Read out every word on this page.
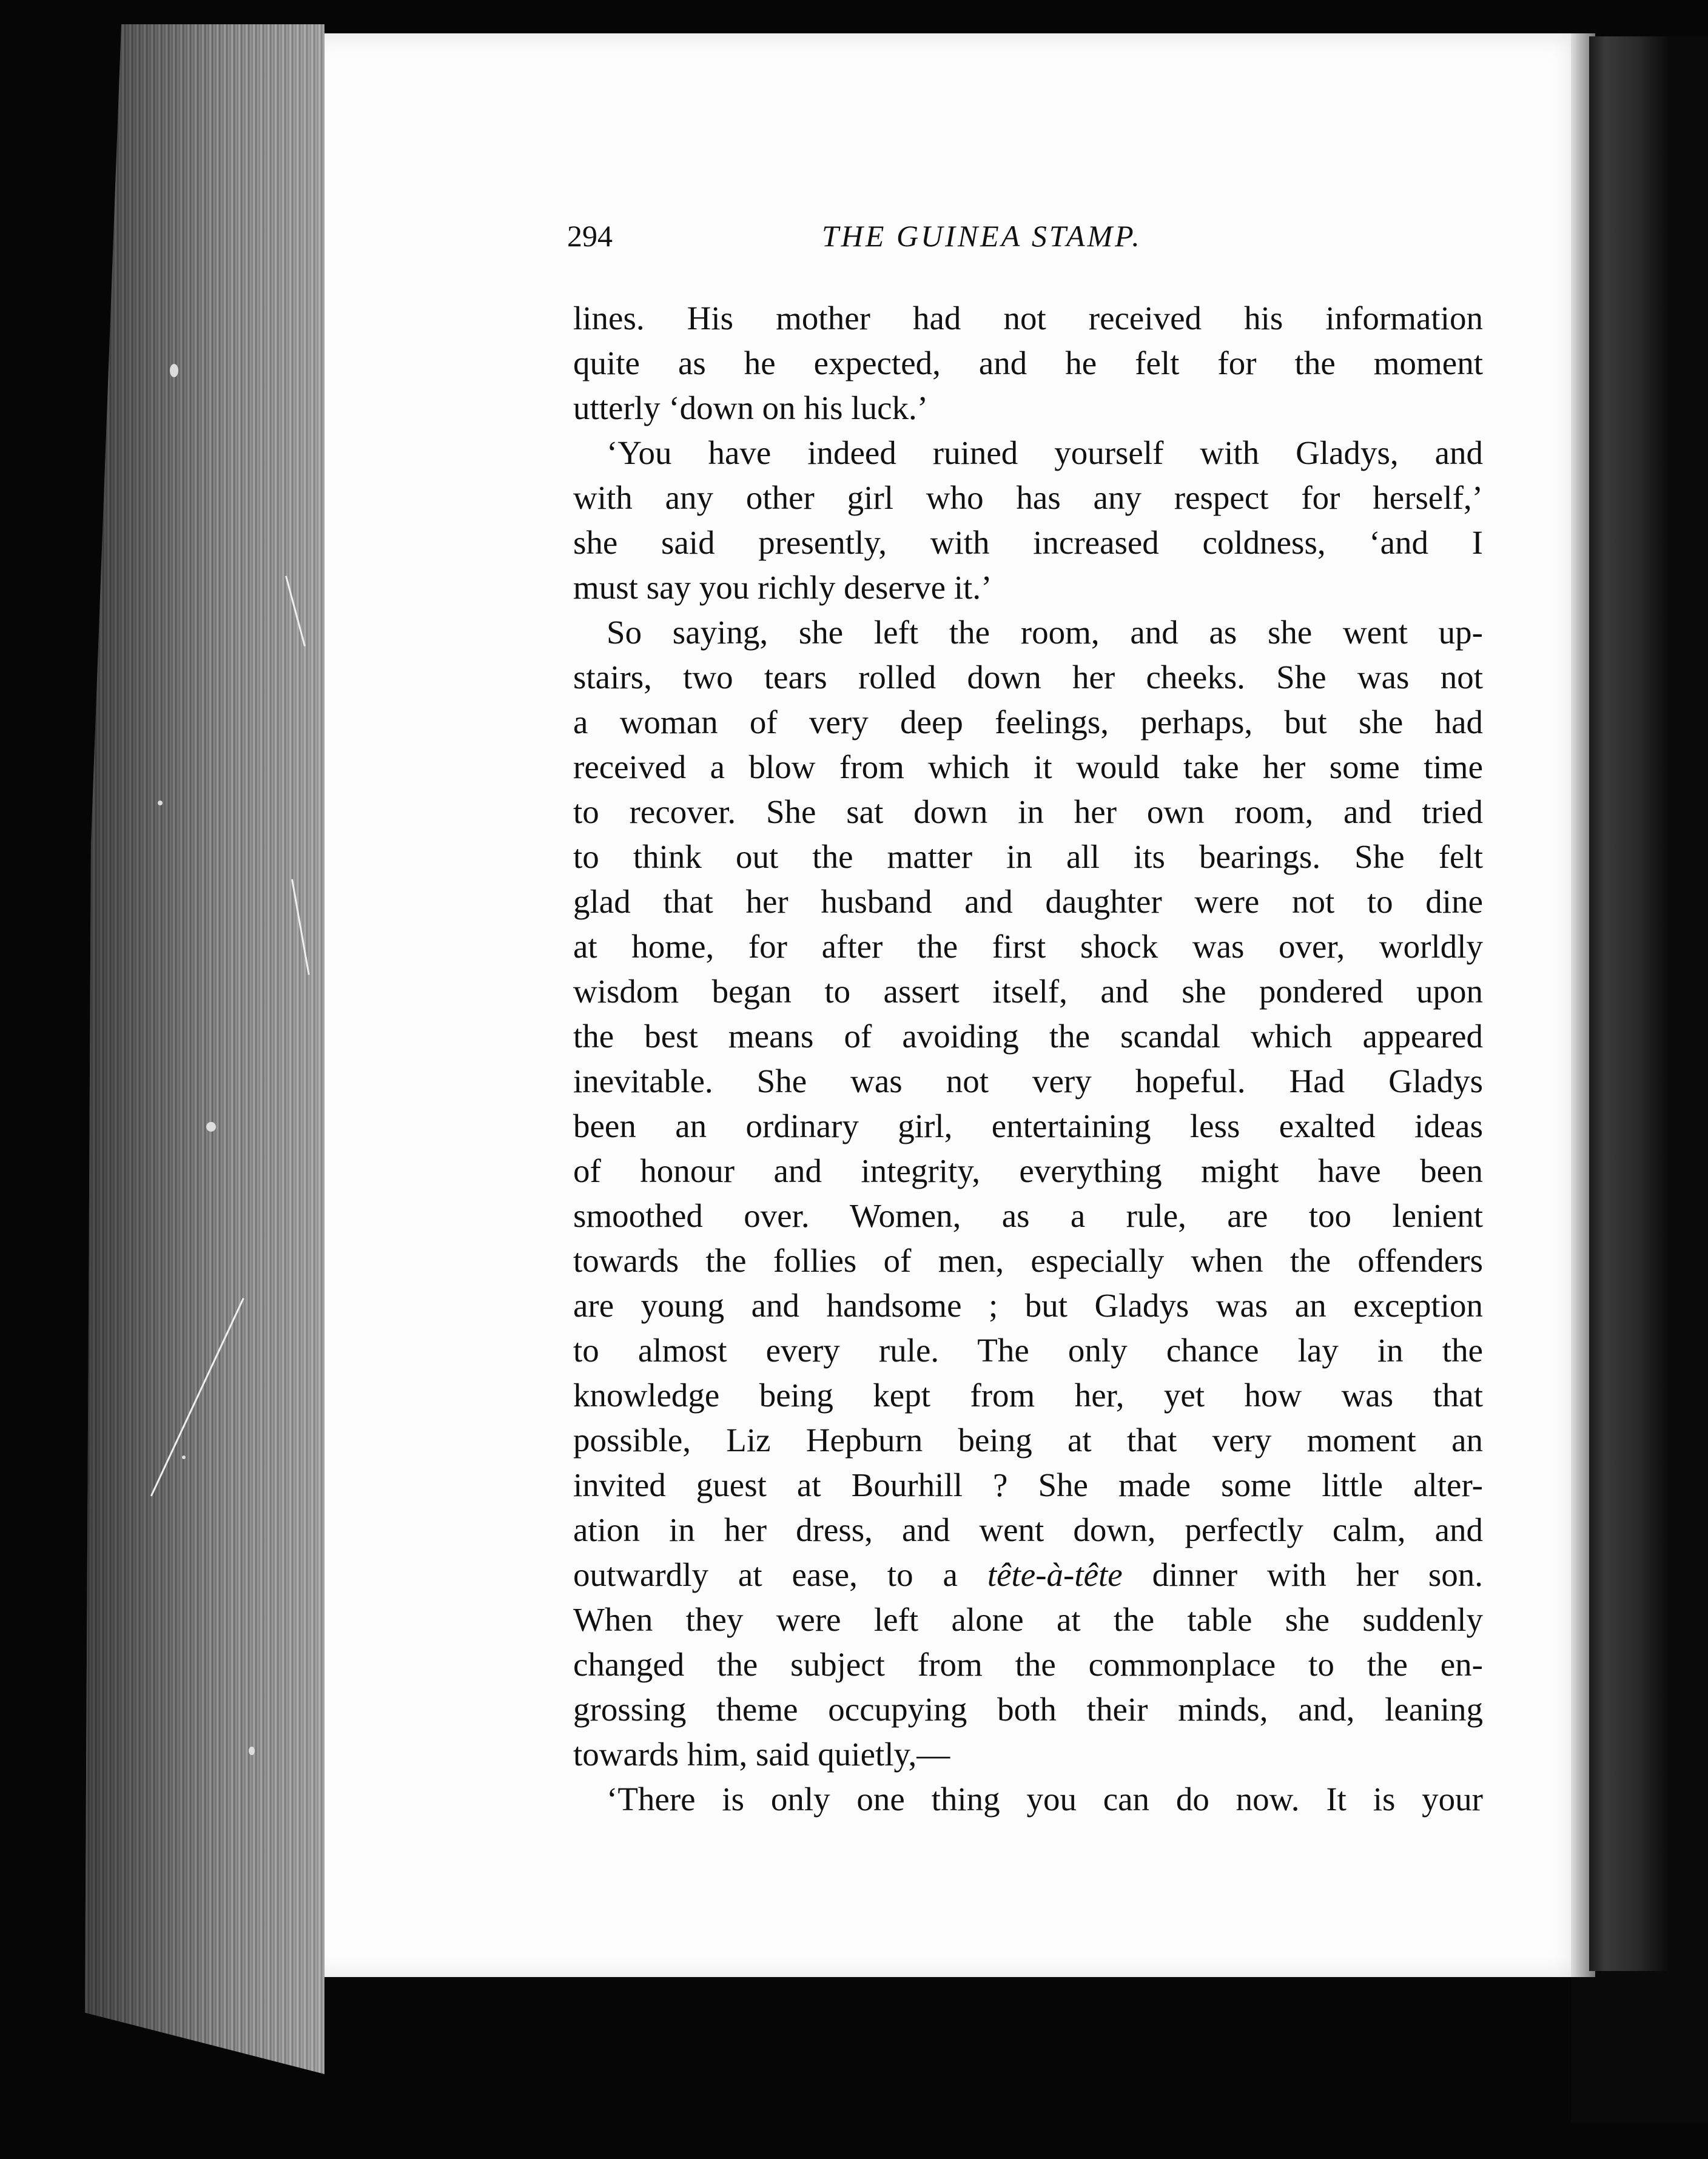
294	THE GUINEA STAMP.
lines. His mother had not received his information
quite as he expected, and he felt for the moment
utterly ‘down on his luck.’
‘You have indeed ruined yourself with Gladys, and
with any other girl who has any respect for herself,’
she said presently, with increased coldness, ‘and I
must say you richly deserve it.’
So saying, she left the room, and as she went up-
stairs, two tears rolled down her cheeks. She was not
a woman of very deep feelings, perhaps, but she had
received a blow from which it would take her some time
to recover. She sat down in her own room, and tried
to think out the matter in all its bearings. She felt
glad that her husband and daughter were not to dine
at home, for after the first shock was over, worldly
wisdom began to assert itself, and she pondered upon
the best means of avoiding the scandal which appeared
inevitable. She was not very hopeful. Had Gladys
been an ordinary girl, entertaining less exalted ideas
of honour and integrity, everything might have been
smoothed over. Women, as a rule, are too lenient
towards the follies of men, especially when the offenders
are young and handsome ; but Gladys was an exception
to almost every rule. The only chance lay in the
knowledge being kept from her, yet how was that
possible, Liz Hepburn being at that very moment an
invited guest at Bourhill ? She made some little alter-
ation in her dress, and went down, perfectly calm, and
outwardly at ease, to a tête-à-tête dinner with her son.
When they were left alone at the table she suddenly
changed the subject from the commonplace to the en-
grossing theme occupying both their minds, and, leaning
towards him, said quietly,—
‘There is only one thing you can do now. It is your
